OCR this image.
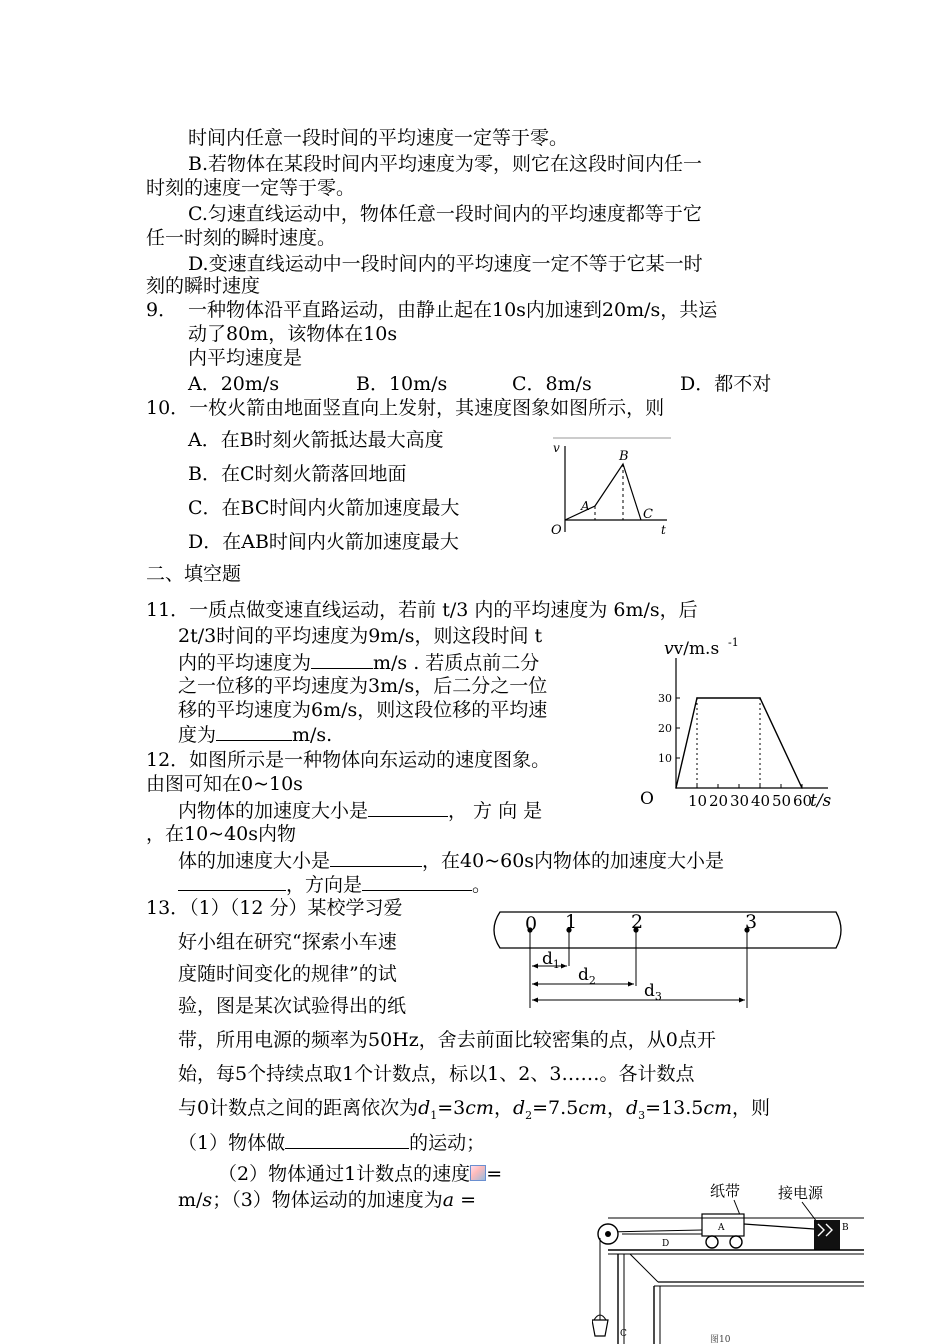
时间内任意一段时间的平均速度一定等于零。
B.若物体在某段时间内平均速度为零，则它在这段时间内任一
时刻的速度一定等于零。
C.匀速直线运动中，物体任意一段时间内的平均速度都等于它
任一时刻的瞬时速度。
D.变速直线运动中一段时间内的平均速度一定不等于它某一时
刻的瞬时速度
9． 一种物体沿平直路运动，由静止起在10s内加速到20m/s，共运
动了80m，该物体在10s
内平均速度是
A．20m/s	B．10m/s	C．8m/s	D．都不对
10．一枚火箭由地面竖直向上发射，其速度图象如图所示，则
A．在B时刻火箭抵达最大高度
B．在C时刻火箭落回地面
C．在BC时间内火箭加速度最大
D．在AB时间内火箭加速度最大
v
t
O
A
B
C
二、填空题
11．一质点做变速直线运动，若前 t/3 内的平均速度为 6m/s，后
2t/3时间的平均速度为9m/s，则这段时间 t
内的平均速度为	m/s . 若质点前二分
之一位移的平均速度为3m/s，后二分之一位
移的平均速度为6m/s，则这段位移的平均速
度为	m/s.
12．如图所示是一种物体向东运动的速度图象。
由图可知在0~10s
内物体的加速度大小是	， 方 向 是
，在10~40s内物
体的加速度大小是	，在40~60s内物体的加速度大小是
，方向是	。
10
20
30
10 20 30 40 50 60
vv/m.s -1
O	t/s
13．（1）（12 分）某校学习爱
好小组在研究“探索小车速
度随时间变化的规律”的试
验，图是某次试验得出的纸
带，所用电源的频率为50Hz，舍去前面比较密集的点，从0点开
始，每5个持续点取1个计数点，标以1、2、3……。各计数点
与0计数点之间的距离依次为$d_1=3cm$，$d_2=7.5cm$，$d_3=13.5cm$，则
（1）物体做	的运动；
（2）物体通过1计数点的速度 =
m/s；（3）物体运动的加速度为a =
0 1	2	3
$d_1$
$d_2$
$d_3$
纸带	接电源
A	B
D
C
图10
